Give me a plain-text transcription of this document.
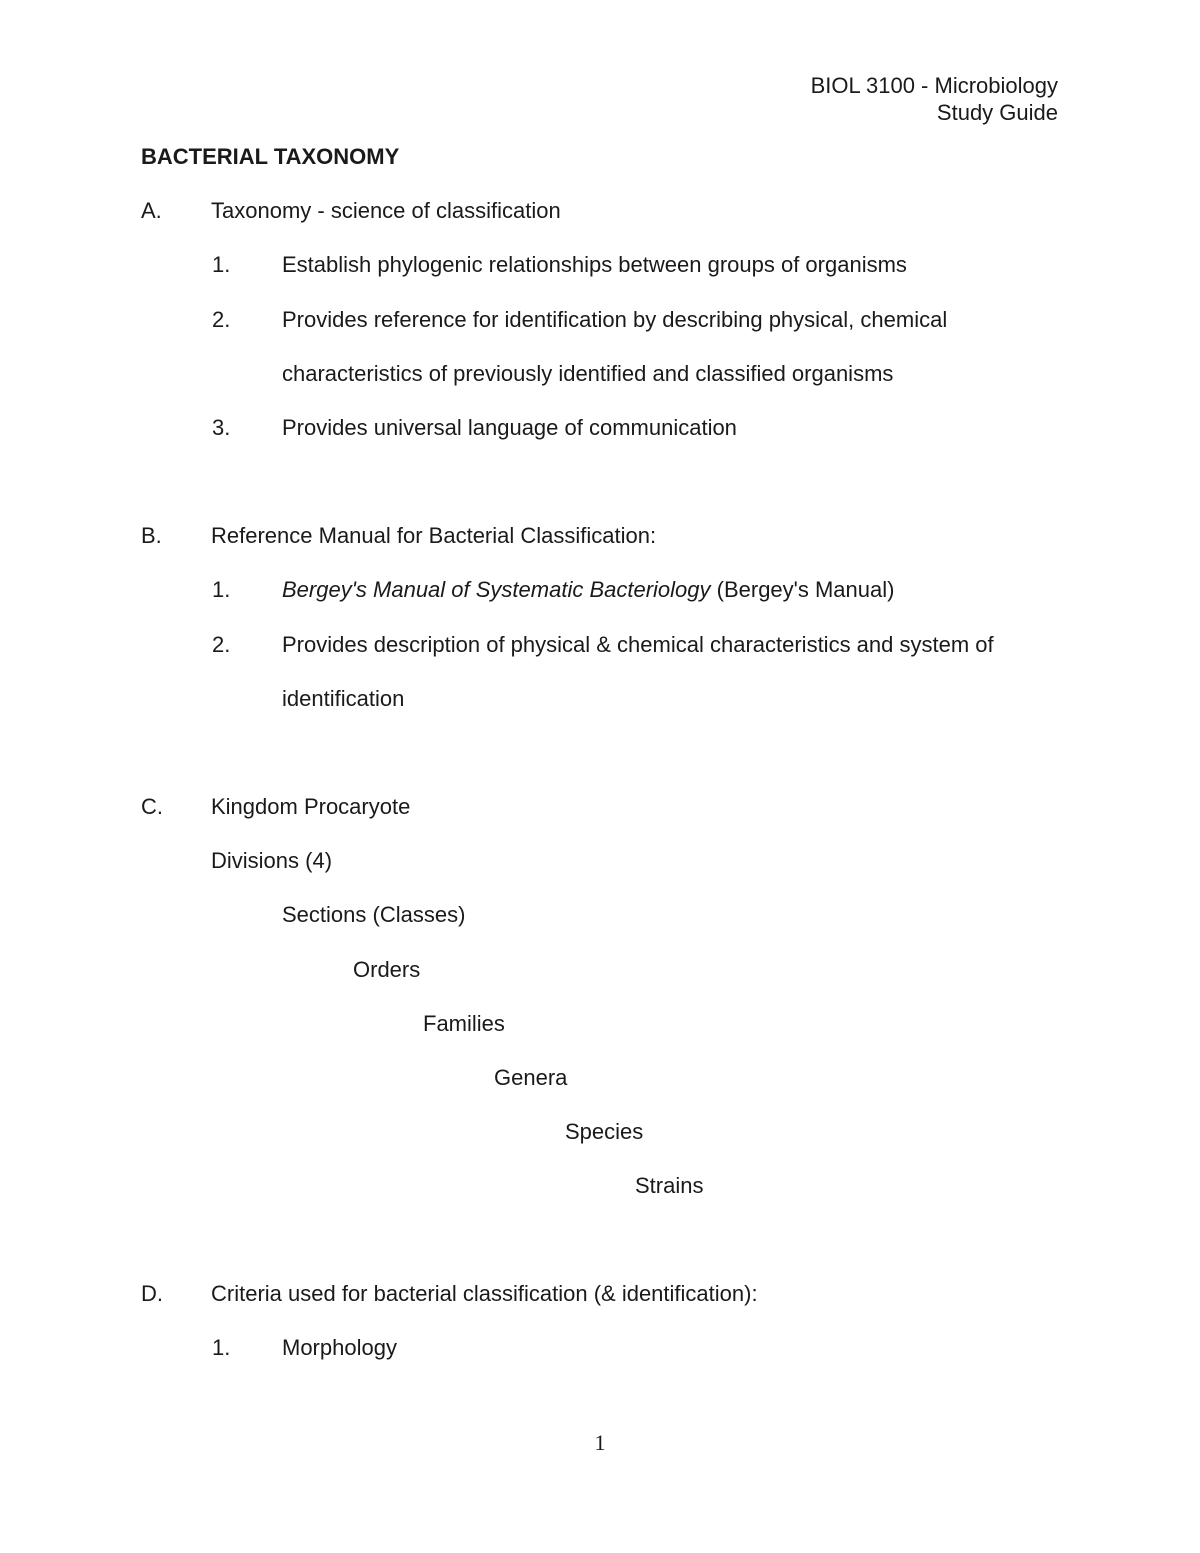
BIOL 3100 - Microbiology
Study Guide
BACTERIAL TAXONOMY
A. Taxonomy - science of classification
1. Establish phylogenic relationships between groups of organisms
2. Provides reference for identification by describing physical, chemical
characteristics of previously identified and classified organisms
3. Provides universal language of communication
B. Reference Manual for Bacterial Classification:
1. Bergey's Manual of Systematic Bacteriology (Bergey's Manual)
2. Provides description of physical & chemical characteristics and system of
identification
C. Kingdom Procaryote
Divisions (4)
Sections (Classes)
Orders
Families
Genera
Species
Strains
D. Criteria used for bacterial classification (& identification):
1. Morphology
1
